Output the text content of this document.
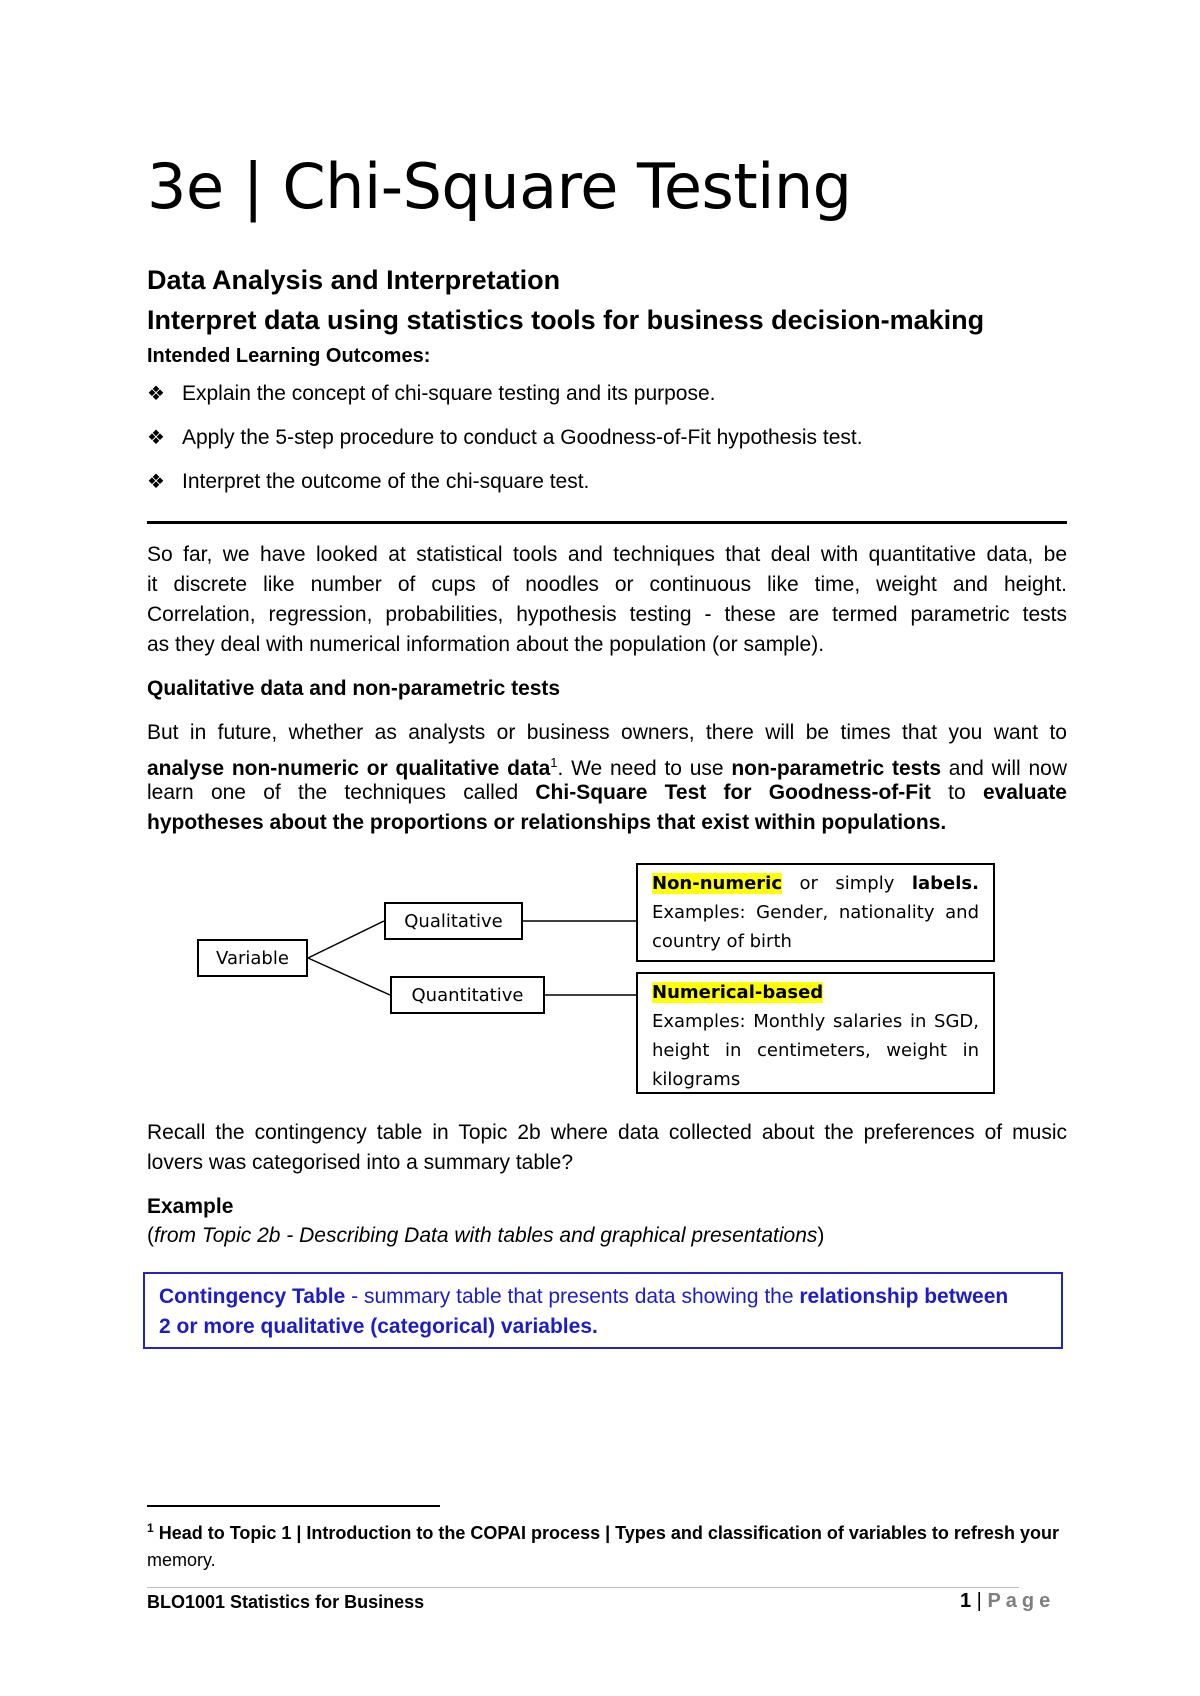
3e | Chi-Square Testing
Data Analysis and Interpretation
Interpret data using statistics tools for business decision-making
Intended Learning Outcomes:
❖ Explain the concept of chi-square testing and its purpose.
❖ Apply the 5-step procedure to conduct a Goodness-of-Fit hypothesis test.
❖ Interpret the outcome of the chi-square test.
So far, we have looked at statistical tools and techniques that deal with quantitative data, be
it discrete like number of cups of noodles or continuous like time, weight and height.
Correlation, regression, probabilities, hypothesis testing - these are termed parametric tests
as they deal with numerical information about the population (or sample).
Qualitative data and non-parametric tests
But in future, whether as analysts or business owners, there will be times that you want to
analyse non-numeric or qualitative data$^1$. We need to use non-parametric tests and will now
learn one of the techniques called Chi-Square Test for Goodness-of-Fit to evaluate
hypotheses about the proportions or relationships that exist within populations.
Variable
Qualitative
Quantitative
Non-numeric or simply labels.
Examples: Gender, nationality and
country of birth
Numerical-based
Examples: Monthly salaries in SGD,
height in centimeters, weight in
kilograms
Recall the contingency table in Topic 2b where data collected about the preferences of music
lovers was categorised into a summary table?
Example
(from Topic 2b - Describing Data with tables and graphical presentations)
Contingency Table - summary table that presents data showing the relationship between
2 or more qualitative (categorical) variables.
$^1$ Head to Topic 1 | Introduction to the COPAI process | Types and classification of variables to refresh your
memory.
BLO1001 Statistics for Business	1 | Page
